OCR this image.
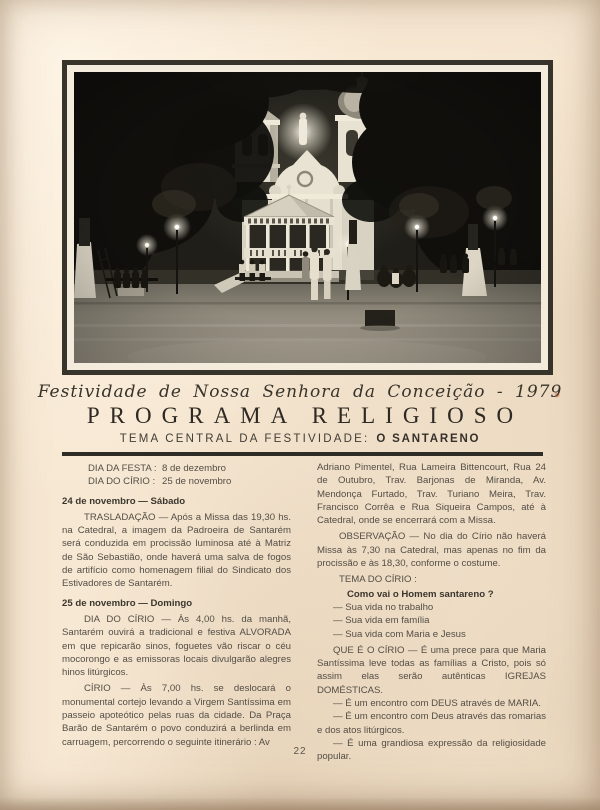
Festividade de Nossa Senhora da Conceição - 1979
PROGRAMA RELIGIOSO
TEMA CENTRAL DA FESTIVIDADE: O SANTARENO
DIA DA FESTA : 8 de dezembro
DIA DO CÍRIO : 25 de novembro
24 de novembro — Sábado

TRASLADAÇÃO — Após a Missa das 19,30 hs. na Catedral, a imagem da Padroeira de Santarém será conduzida em procissão luminosa até à Matriz de São Sebastião, onde haverá uma salva de fogos de artifício como homenagem filial do Sindicato dos Estivadores de Santarém.

25 de novembro — Domingo

DIA DO CÍRIO — Às 4,00 hs. da manhã, Santarém ouvirá a tradicional e festiva ALVORADA em que repicarão sinos, foguetes vão riscar o céu mocorongo e as emissoras locais divulgarão alegres hinos litúrgicos.

CÍRIO — Às 7,00 hs. se deslocará o monumental cortejo levando a Virgem Santíssima em passeio apoteótico pelas ruas da cidade. Da Praça Barão de Santarém o povo conduzirá a berlinda em carruagem, percorrendo o seguinte itinerário : Av

Adriano Pimentel, Rua Lameira Bittencourt, Rua 24 de Outubro, Trav. Barjonas de Miranda, Av. Mendonça Furtado, Trav. Turiano Meira, Trav. Francisco Corrêa e Rua Siqueira Campos, até à Catedral, onde se encerrará com a Missa.

OBSERVAÇÃO — No dia do Círio não haverá Missa às 7,30 na Catedral, mas apenas no fim da procissão e às 18,30, conforme o costume.

TEMA DO CÍRIO :

Como vai o Homem santareno ?
— Sua vida no trabalho
— Sua vida em família
— Sua vida com Maria e Jesus

QUE É O CÍRIO — É uma prece para que Maria Santíssima leve todas as famílias a Cristo, pois só assim elas serão autênticas IGREJAS DOMÉSTICAS.

— É um encontro com DEUS através de MARIA.

— É um encontro com Deus através das romarias e dos atos litúrgicos.

— É uma grandiosa expressão da religiosidade popular.

22
